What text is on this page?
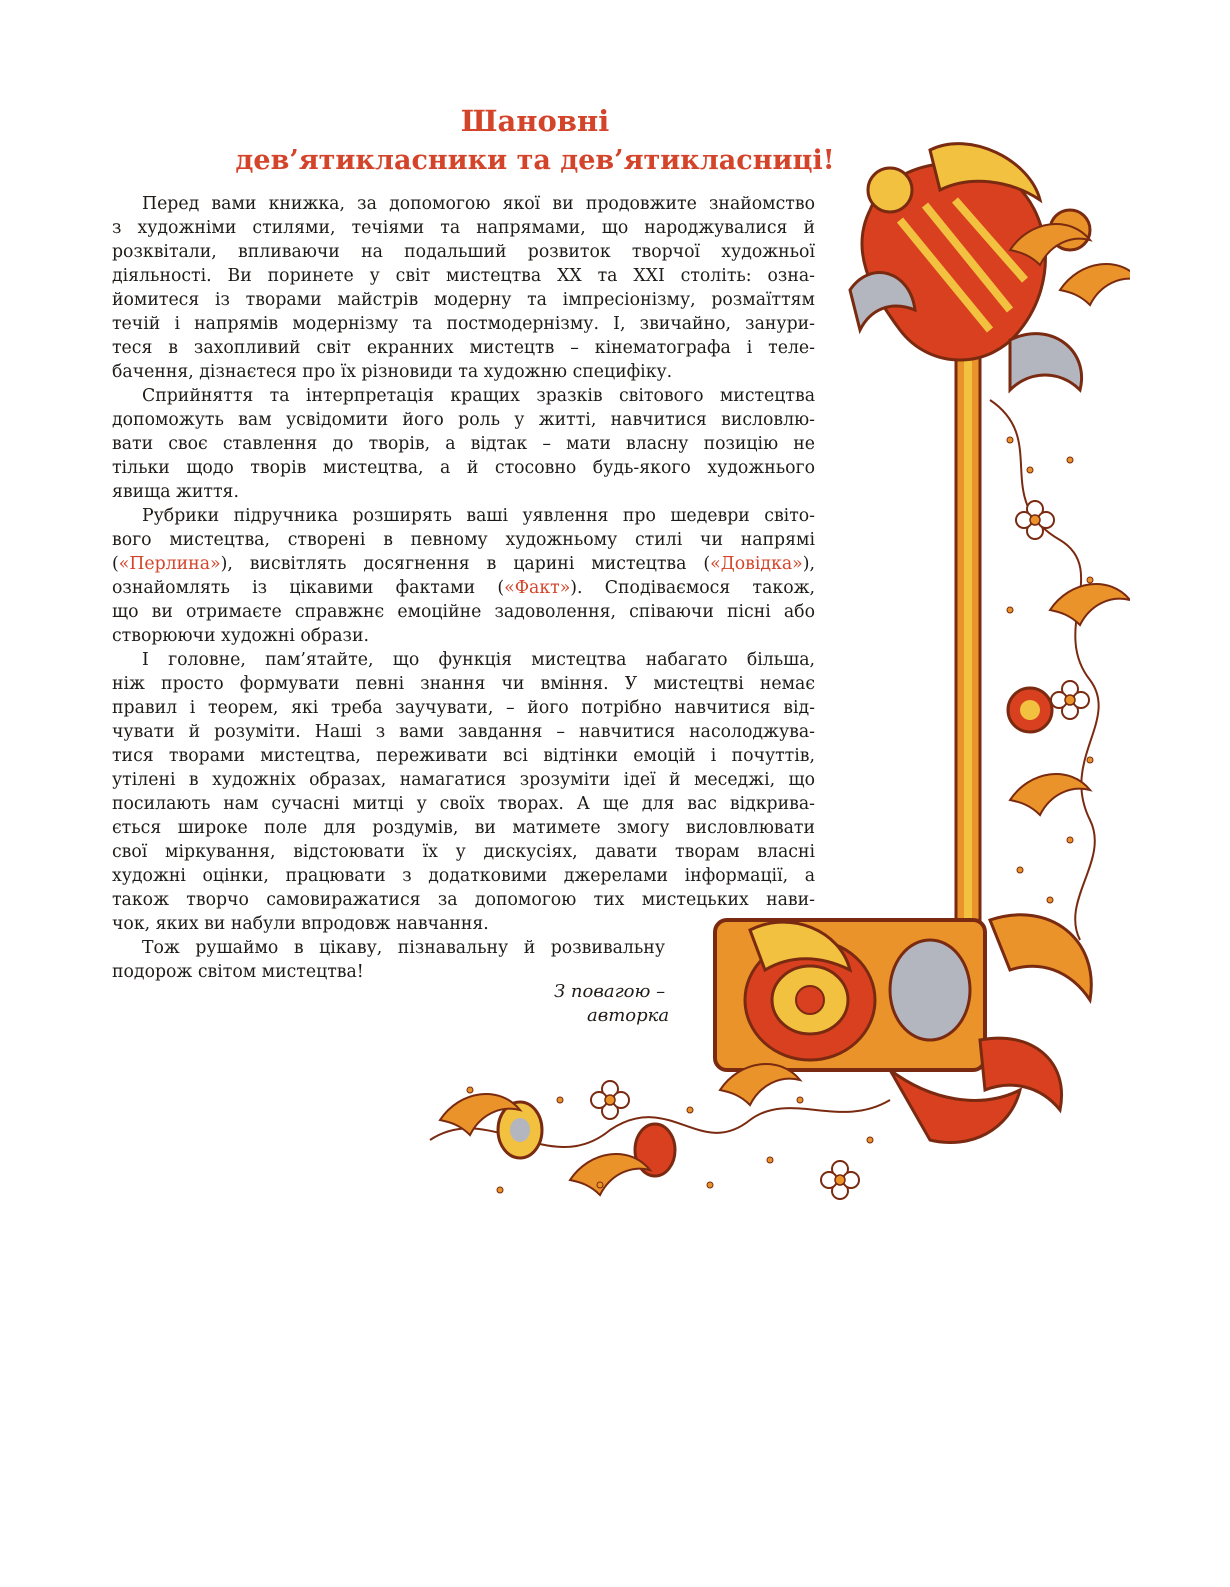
Шановні
дев’ятикласники та дев’ятикласниці!
Перед вами книжка, за допомогою якої ви продовжите знайомство
з художніми стилями, течіями та напрямами, що народжувалися й
розквітали, впливаючи на подальший розвиток творчої художньої
діяльності. Ви поринете у світ мистецтва XX та XXI століть: озна-
йомитеся із творами майстрів модерну та імпресіонізму, розмаїттям
течій і напрямів модернізму та постмодернізму. І, звичайно, занури-
теся в захопливий світ екранних мистецтв – кінематографа і теле-
бачення, дізнаєтеся про їх різновиди та художню специфіку.
Сприйняття та інтерпретація кращих зразків світового мистецтва
допоможуть вам усвідомити його роль у житті, навчитися висловлю-
вати своє ставлення до творів, а відтак – мати власну позицію не
тільки щодо творів мистецтва, а й стосовно будь-якого художнього
явища життя.
Рубрики підручника розширять ваші уявлення про шедеври світо-
вого мистецтва, створені в певному художньому стилі чи напрямі
(«Перлина»), висвітлять досягнення в царині мистецтва («Довідка»),
ознайомлять із цікавими фактами («Факт»). Сподіваємося також,
що ви отримаєте справжнє емоційне задоволення, співаючи пісні або
створюючи художні образи.
І головне, пам’ятайте, що функція мистецтва набагато більша,
ніж просто формувати певні знання чи вміння. У мистецтві немає
правил і теорем, які треба заучувати, – його потрібно навчитися від-
чувати й розуміти. Наші з вами завдання – навчитися насолоджува-
тися творами мистецтва, переживати всі відтінки емоцій і почуттів,
утілені в художніх образах, намагатися зрозуміти ідеї й меседжі, що
посилають нам сучасні митці у своїх творах. А ще для вас відкрива-
ється широке поле для роздумів, ви матимете змогу висловлювати
свої міркування, відстоювати їх у дискусіях, давати творам власні
художні оцінки, працювати з додатковими джерелами інформації, а
також творчо самовиражатися за допомогою тих мистецьких нави-
чок, яких ви набули впродовж навчання.
Тож рушаймо в цікаву, пізнавальну й розвивальну
подорож світом мистецтва!
З повагою –
авторка
